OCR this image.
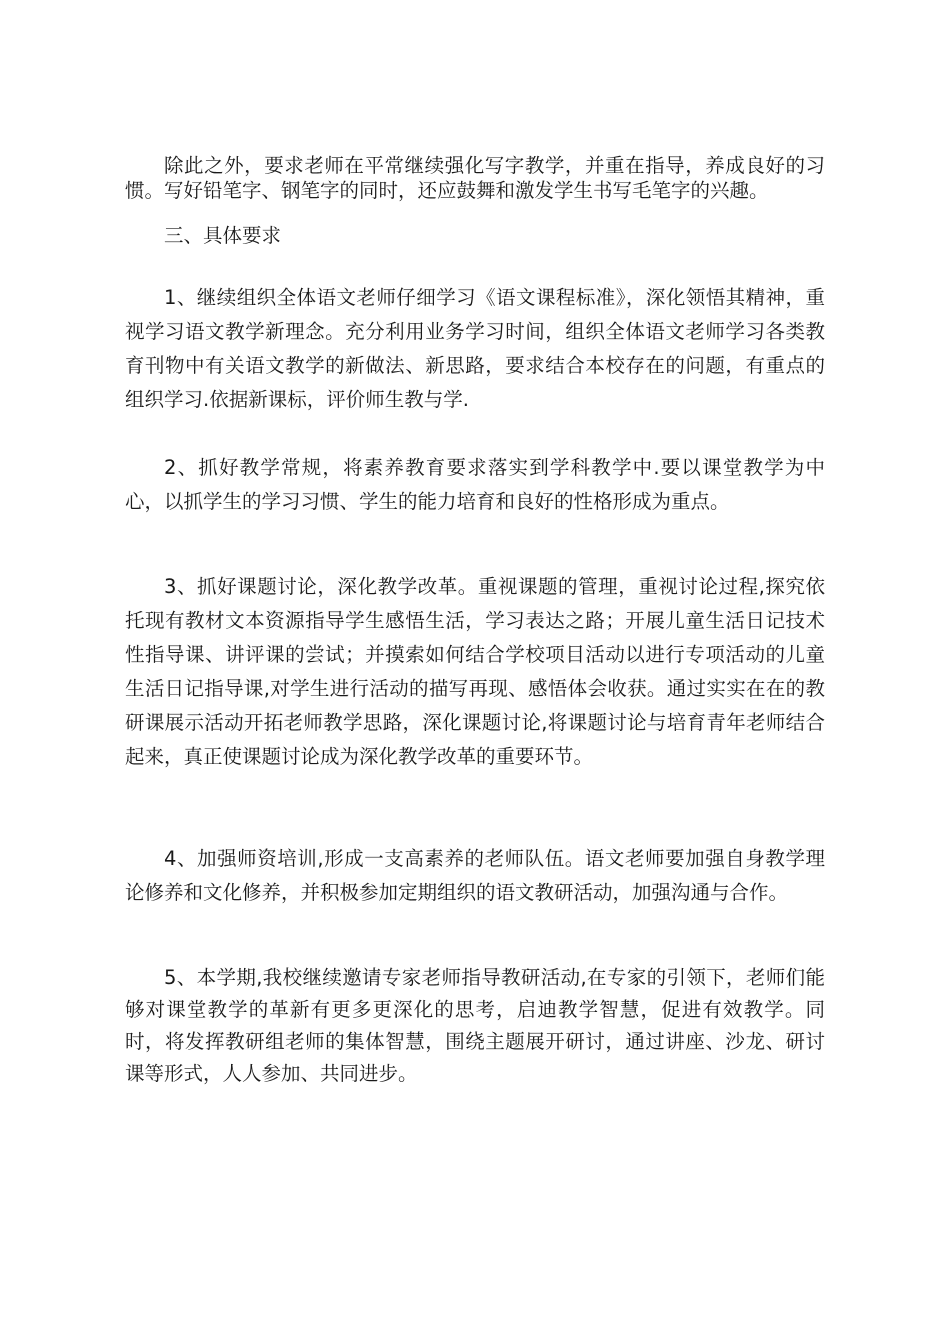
除此之外，要求老师在平常继续强化写字教学，并重在指导，养成良好的习惯。写好铅笔字、钢笔字的同时，还应鼓舞和激发学生书写毛笔字的兴趣。

三、具体要求

1、继续组织全体语文老师仔细学习《语文课程标准》，深化领悟其精神，重视学习语文教学新理念。充分利用业务学习时间，组织全体语文老师学习各类教育刊物中有关语文教学的新做法、新思路，要求结合本校存在的问题，有重点的组织学习.依据新课标，评价师生教与学.

2、抓好教学常规，将素养教育要求落实到学科教学中.要以课堂教学为中心，以抓学生的学习习惯、学生的能力培育和良好的性格形成为重点。

3、抓好课题讨论，深化教学改革。重视课题的管理，重视讨论过程,探究依托现有教材文本资源指导学生感悟生活，学习表达之路；开展儿童生活日记技术性指导课、讲评课的尝试；并摸索如何结合学校项目活动以进行专项活动的儿童生活日记指导课,对学生进行活动的描写再现、感悟体会收获。通过实实在在的教研课展示活动开拓老师教学思路，深化课题讨论,将课题讨论与培育青年老师结合起来，真正使课题讨论成为深化教学改革的重要环节。

4、加强师资培训,形成一支高素养的老师队伍。语文老师要加强自身教学理论修养和文化修养，并积极参加定期组织的语文教研活动，加强沟通与合作。

5、本学期,我校继续邀请专家老师指导教研活动,在专家的引领下，老师们能够对课堂教学的革新有更多更深化的思考，启迪教学智慧，促进有效教学。同时，将发挥教研组老师的集体智慧，围绕主题展开研讨，通过讲座、沙龙、研讨课等形式，人人参加、共同进步。
